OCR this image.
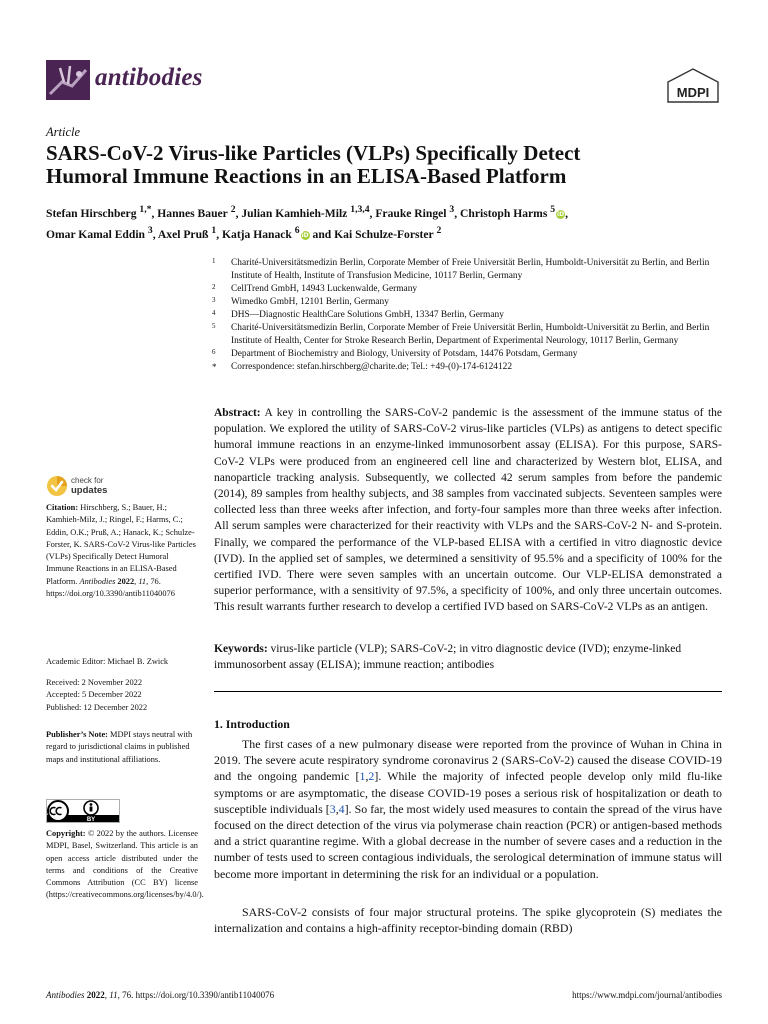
antibodies
MDPI
Article
SARS-CoV-2 Virus-like Particles (VLPs) Specifically Detect
Humoral Immune Reactions in an ELISA-Based Platform
Stefan Hirschberg $^{1,*}$, Hannes Bauer $^2$, Julian Kamhieh-Milz $^{1,3,4}$, Frauke Ringel $^3$, Christoph Harms $^5$ iD,
Omar Kamal Eddin $^3$, Axel Pruß $^1$, Katja Hanack $^6$ iD and Kai Schulze-Forster $^2$
1 Charité-Universitätsmedizin Berlin, Corporate Member of Freie Universität Berlin, Humboldt-Universität zu Berlin, and Berlin Institute of Health, Institute of Transfusion Medicine, 10117 Berlin, Germany
2 CellTrend GmbH, 14943 Luckenwalde, Germany
3 Wimedko GmbH, 12101 Berlin, Germany
4 DHS—Diagnostic HealthCare Solutions GmbH, 13347 Berlin, Germany
5 Charité-Universitätsmedizin Berlin, Corporate Member of Freie Universität Berlin, Humboldt-Universität zu Berlin, and Berlin Institute of Health, Center for Stroke Research Berlin, Department of Experimental Neurology, 10117 Berlin, Germany
6 Department of Biochemistry and Biology, University of Potsdam, 14476 Potsdam, Germany
* Correspondence: stefan.hirschberg@charite.de; Tel.: +49-(0)-174-6124122
Abstract: A key in controlling the SARS-CoV-2 pandemic is the assessment of the immune status of the population. We explored the utility of SARS-CoV-2 virus-like particles (VLPs) as antigens to detect specific humoral immune reactions in an enzyme-linked immunosorbent assay (ELISA). For this purpose, SARS-CoV-2 VLPs were produced from an engineered cell line and characterized by Western blot, ELISA, and nanoparticle tracking analysis. Subsequently, we collected 42 serum samples from before the pandemic (2014), 89 samples from healthy subjects, and 38 samples from vaccinated subjects. Seventeen samples were collected less than three weeks after infection, and forty-four samples more than three weeks after infection. All serum samples were characterized for their reactivity with VLPs and the SARS-CoV-2 N- and S-protein. Finally, we compared the performance of the VLP-based ELISA with a certified in vitro diagnostic device (IVD). In the applied set of samples, we determined a sensitivity of 95.5% and a specificity of 100% for the certified IVD. There were seven samples with an uncertain outcome. Our VLP-ELISA demonstrated a superior performance, with a sensitivity of 97.5%, a specificity of 100%, and only three uncertain outcomes. This result warrants further research to develop a certified IVD based on SARS-CoV-2 VLPs as an antigen.
Keywords: virus-like particle (VLP); SARS-CoV-2; in vitro diagnostic device (IVD); enzyme-linked immunosorbent assay (ELISA); immune reaction; antibodies
1. Introduction
The first cases of a new pulmonary disease were reported from the province of Wuhan in China in 2019. The severe acute respiratory syndrome coronavirus 2 (SARS-CoV-2) caused the disease COVID-19 and the ongoing pandemic [1,2]. While the majority of infected people develop only mild flu-like symptoms or are asymptomatic, the disease COVID-19 poses a serious risk of hospitalization or death to susceptible individuals [3,4]. So far, the most widely used measures to contain the spread of the virus have focused on the direct detection of the virus via polymerase chain reaction (PCR) or antigen-based methods and a strict quarantine regime. With a global decrease in the number of severe cases and a reduction in the number of tests used to screen contagious individuals, the serological determination of immune status will become more important in determining the risk for an individual or a population.
SARS-CoV-2 consists of four major structural proteins. The spike glycoprotein (S) mediates the internalization and contains a high-affinity receptor-binding domain (RBD)
check for
updates
Citation: Hirschberg, S.; Bauer, H.; Kamhieh-Milz, J.; Ringel, F.; Harms, C.; Eddin, O.K.; Pruß, A.; Hanack, K.; Schulze-Forster, K. SARS-CoV-2 Virus-like Particles (VLPs) Specifically Detect Humoral Immune Reactions in an ELISA-Based Platform. Antibodies 2022, 11, 76. https://doi.org/10.3390/antib11040076
Academic Editor: Michael B. Zwick
Received: 2 November 2022
Accepted: 5 December 2022
Published: 12 December 2022
Publisher’s Note: MDPI stays neutral with regard to jurisdictional claims in published maps and institutional affiliations.
BY
Copyright: © 2022 by the authors. Licensee MDPI, Basel, Switzerland. This article is an open access article distributed under the terms and conditions of the Creative Commons Attribution (CC BY) license (https://creativecommons.org/licenses/by/4.0/).
Antibodies 2022, 11, 76. https://doi.org/10.3390/antib11040076	https://www.mdpi.com/journal/antibodies
